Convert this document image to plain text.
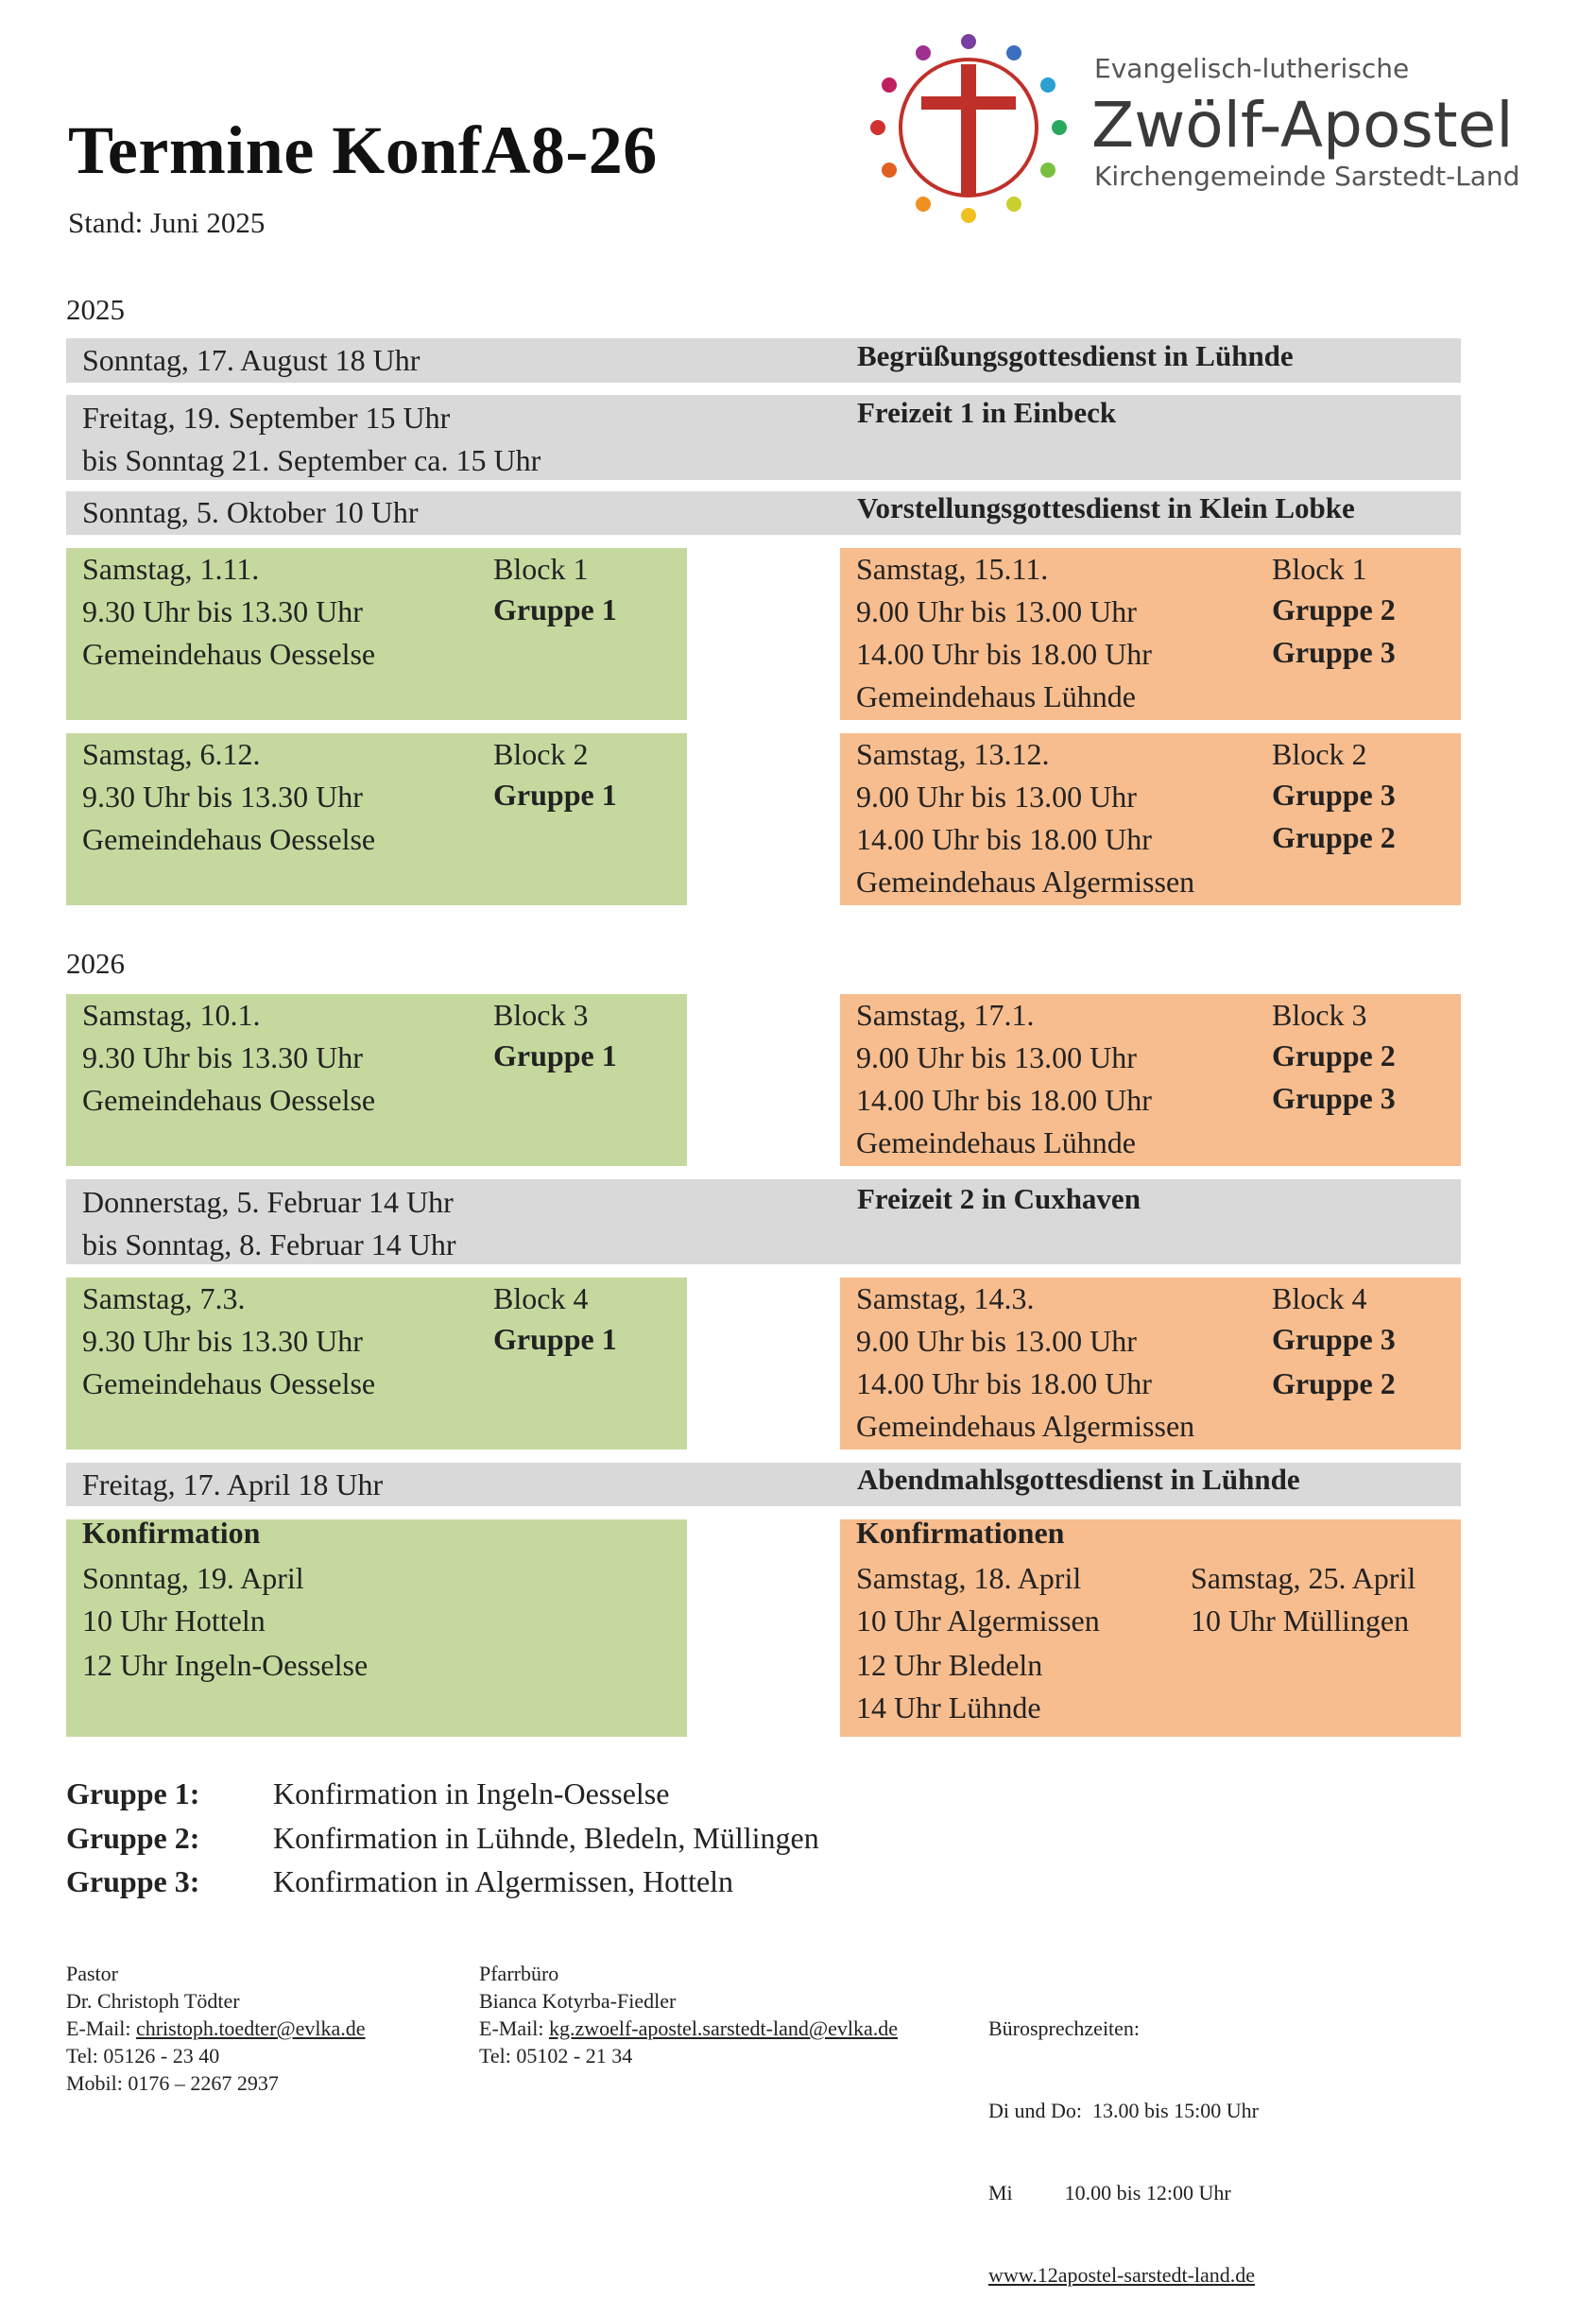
Termine KonfA8-26
Stand: Juni 2025
Evangelisch-lutherische
Zwölf-Apostel
Kirchengemeinde Sarstedt-Land
2025
Sonntag, 17. August 18 Uhr	Begrüßungsgottesdienst in Lühnde
Freitag, 19. September 15 Uhr
bis Sonntag 21. September ca. 15 Uhr
Freizeit 1 in Einbeck
Sonntag, 5. Oktober 10 Uhr	Vorstellungsgottesdienst in Klein Lobke
Samstag, 1.11.
9.30 Uhr bis 13.30 Uhr
Gemeindehaus Oesselse
Block 1
Gruppe 1
Samstag, 15.11.
9.00 Uhr bis 13.00 Uhr
14.00 Uhr bis 18.00 Uhr
Gemeindehaus Lühnde
Block 1
Gruppe 2
Gruppe 3
Samstag, 6.12.
9.30 Uhr bis 13.30 Uhr
Gemeindehaus Oesselse
Block 2
Gruppe 1
Samstag, 13.12.
9.00 Uhr bis 13.00 Uhr
14.00 Uhr bis 18.00 Uhr
Gemeindehaus Algermissen
Block 2
Gruppe 3
Gruppe 2
2026
Samstag, 10.1.
9.30 Uhr bis 13.30 Uhr
Gemeindehaus Oesselse
Block 3
Gruppe 1
Samstag, 17.1.
9.00 Uhr bis 13.00 Uhr
14.00 Uhr bis 18.00 Uhr
Gemeindehaus Lühnde
Block 3
Gruppe 2
Gruppe 3
Donnerstag, 5. Februar 14 Uhr
bis Sonntag, 8. Februar 14 Uhr
Freizeit 2 in Cuxhaven
Samstag, 7.3.
9.30 Uhr bis 13.30 Uhr
Gemeindehaus Oesselse
Block 4
Gruppe 1
Samstag, 14.3.
9.00 Uhr bis 13.00 Uhr
14.00 Uhr bis 18.00 Uhr
Gemeindehaus Algermissen
Block 4
Gruppe 3
Gruppe 2
Freitag, 17. April 18 Uhr	Abendmahlsgottesdienst in Lühnde
Konfirmation
Sonntag, 19. April
10 Uhr Hotteln
12 Uhr Ingeln-Oesselse
Konfirmationen
Samstag, 18. April
10 Uhr Algermissen
12 Uhr Bledeln
14 Uhr Lühnde
Samstag, 25. April
10 Uhr Müllingen
Gruppe 1: Konfirmation in Ingeln-Oesselse
Gruppe 2: Konfirmation in Lühnde, Bledeln, Müllingen
Gruppe 3: Konfirmation in Algermissen, Hotteln
Pastor
Dr. Christoph Tödter
E-Mail: christoph.toedter@evlka.de
Tel: 05126 - 23 40
Mobil: 0176 – 2267 2937
Pfarrbüro
Bianca Kotyrba-Fiedler
E-Mail: kg.zwoelf-apostel.sarstedt-land@evlka.de
Tel: 05102 - 21 34

Bürosprechzeiten:

Di und Do:  13.00 bis 15:00 Uhr

Mi          10.00 bis 12:00 Uhr

www.12apostel-sarstedt-land.de
